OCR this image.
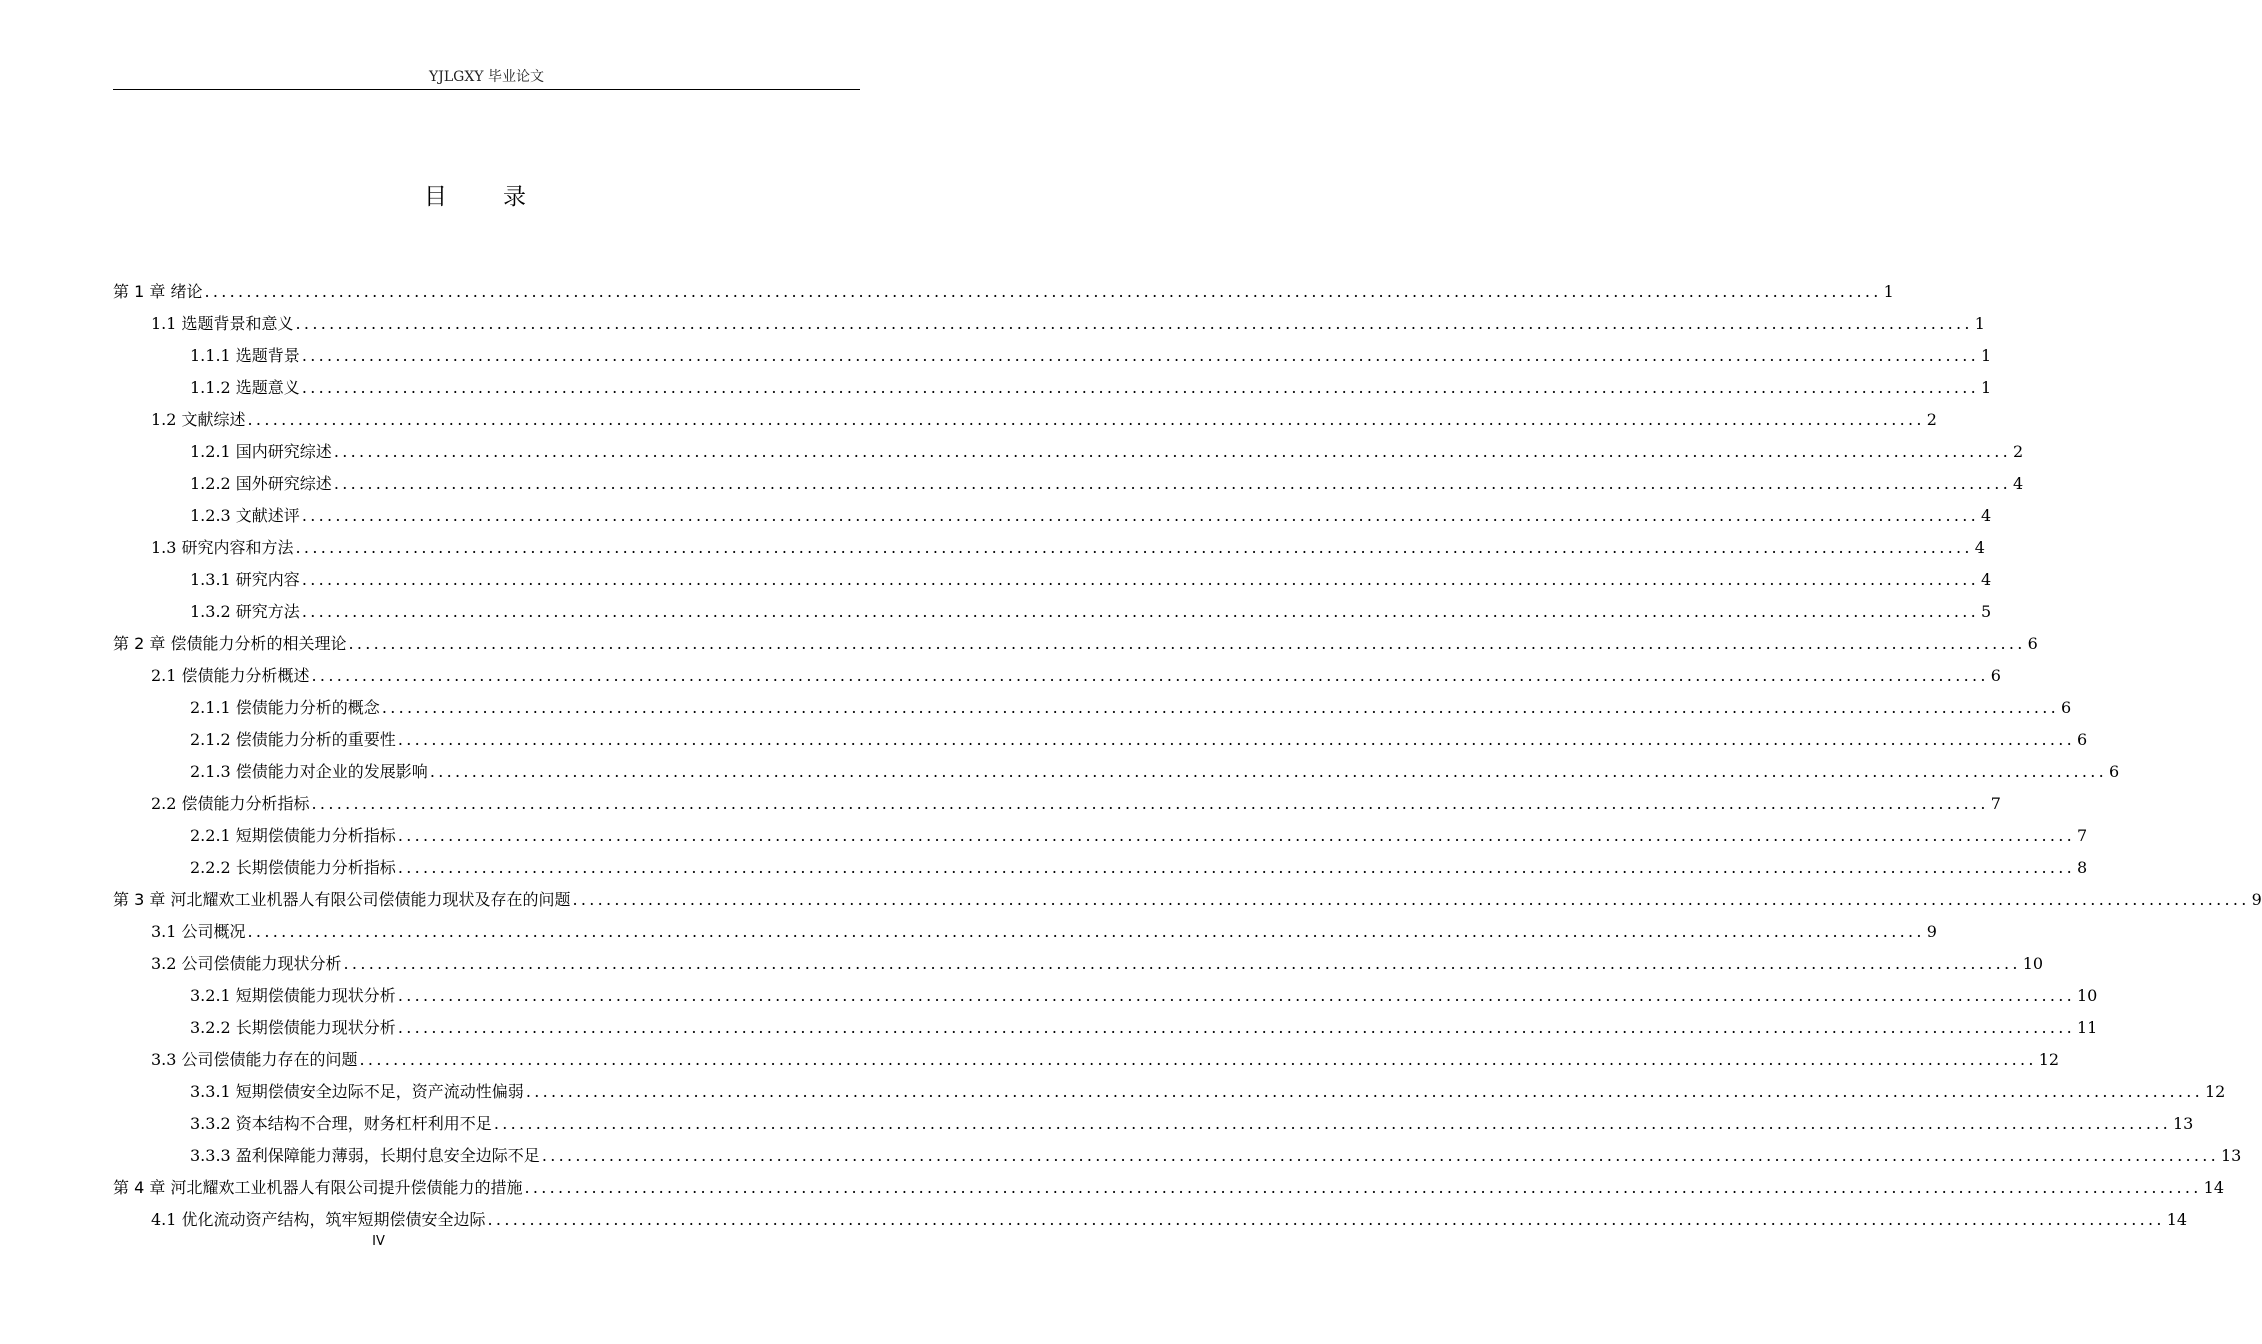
YJLGXY 毕业论文
目录
第 1 章 绪论 ........................................................................................................................................................................................................ 1
1.1 选题背景和意义 ........................................................................................................................................................................................................ 1
1.1.1 选题背景 ........................................................................................................................................................................................................ 1
1.1.2 选题意义 ........................................................................................................................................................................................................ 1
1.2 文献综述 ........................................................................................................................................................................................................ 2
1.2.1 国内研究综述 ........................................................................................................................................................................................................ 2
1.2.2 国外研究综述 ........................................................................................................................................................................................................ 4
1.2.3 文献述评 ........................................................................................................................................................................................................ 4
1.3 研究内容和方法 ........................................................................................................................................................................................................ 4
1.3.1 研究内容 ........................................................................................................................................................................................................ 4
1.3.2 研究方法 ........................................................................................................................................................................................................ 5
第 2 章 偿债能力分析的相关理论 ........................................................................................................................................................................................................ 6
2.1 偿债能力分析概述 ........................................................................................................................................................................................................ 6
2.1.1 偿债能力分析的概念 ........................................................................................................................................................................................................ 6
2.1.2 偿债能力分析的重要性 ........................................................................................................................................................................................................ 6
2.1.3 偿债能力对企业的发展影响 ........................................................................................................................................................................................................ 6
2.2 偿债能力分析指标 ........................................................................................................................................................................................................ 7
2.2.1 短期偿债能力分析指标 ........................................................................................................................................................................................................ 7
2.2.2 长期偿债能力分析指标 ........................................................................................................................................................................................................ 8
第 3 章 河北耀欢工业机器人有限公司偿债能力现状及存在的问题 ........................................................................................................................................................................................................ 9
3.1 公司概况 ........................................................................................................................................................................................................ 9
3.2 公司偿债能力现状分析 ........................................................................................................................................................................................................ 10
3.2.1 短期偿债能力现状分析 ........................................................................................................................................................................................................ 10
3.2.2 长期偿债能力现状分析 ........................................................................................................................................................................................................ 11
3.3 公司偿债能力存在的问题 ........................................................................................................................................................................................................ 12
3.3.1 短期偿债安全边际不足，资产流动性偏弱 ........................................................................................................................................................................................................ 12
3.3.2 资本结构不合理，财务杠杆利用不足 ........................................................................................................................................................................................................ 13
3.3.3 盈利保障能力薄弱，长期付息安全边际不足 ........................................................................................................................................................................................................ 13
第 4 章 河北耀欢工业机器人有限公司提升偿债能力的措施 ........................................................................................................................................................................................................ 14
4.1 优化流动资产结构，筑牢短期偿债安全边际 ........................................................................................................................................................................................................ 14
IV
